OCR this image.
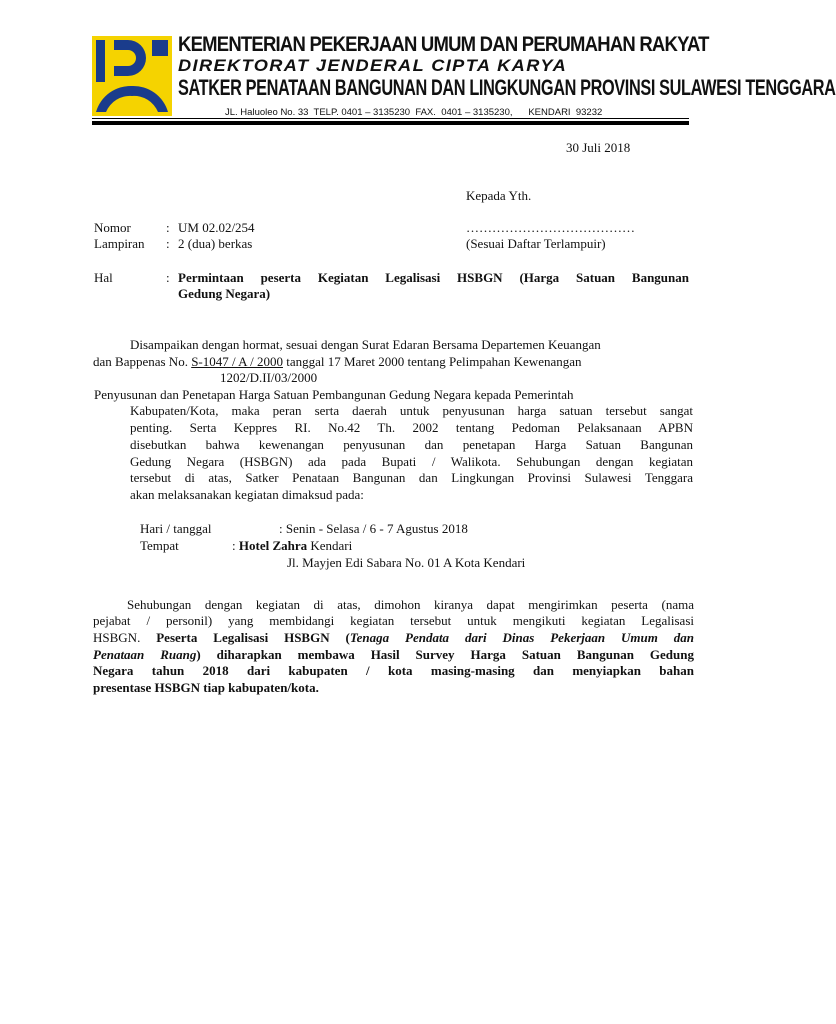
KEMENTERIAN PEKERJAAN UMUM DAN PERUMAHAN RAKYAT
DIREKTORAT JENDERAL CIPTA KARYA
SATKER PENATAAN BANGUNAN DAN LINGKUNGAN PROVINSI SULAWESI TENGGARA
JL. Haluoleo No. 33  TELP. 0401 – 3135230  FAX.  0401 – 3135230,      KENDARI  93232
30 Juli 2018
Kepada Yth.
Nomor	: UM 02.02/254	…………………………………
Lampiran : 2 (dua) berkas	(Sesuai Daftar Terlampuir)
Hal	: Permintaan peserta Kegiatan Legalisasi HSBGN (Harga Satuan Bangunan
Gedung Negara)
Disampaikan dengan hormat, sesuai dengan Surat Edaran Bersama Departemen Keuangan
dan Bappenas No. S-1047 / A / 2000 tanggal 17 Maret 2000 tentang Pelimpahan Kewenangan
1202/D.II/03/2000
Penyusunan dan Penetapan Harga Satuan Pembangunan Gedung Negara kepada Pemerintah
Kabupaten/Kota, maka peran serta daerah untuk penyusunan harga satuan tersebut sangat
penting. Serta Keppres RI. No.42 Th. 2002 tentang Pedoman Pelaksanaan APBN
disebutkan bahwa kewenangan penyusunan dan penetapan Harga Satuan Bangunan
Gedung Negara (HSBGN) ada pada Bupati / Walikota. Sehubungan dengan kegiatan
tersebut di atas, Satker Penataan Bangunan dan Lingkungan Provinsi Sulawesi Tenggara
akan melaksanakan kegiatan dimaksud pada:
Hari / tanggal	: Senin - Selasa / 6 - 7 Agustus 2018
Tempat	: Hotel Zahra Kendari
Jl. Mayjen Edi Sabara No. 01 A Kota Kendari
Sehubungan dengan kegiatan di atas, dimohon kiranya dapat mengirimkan peserta (nama
pejabat / personil) yang membidangi kegiatan tersebut untuk mengikuti kegiatan Legalisasi
HSBGN. Peserta Legalisasi HSBGN (Tenaga Pendata dari Dinas Pekerjaan Umum dan
Penataan Ruang) diharapkan membawa Hasil Survey Harga Satuan Bangunan Gedung
Negara tahun 2018 dari kabupaten / kota masing-masing dan menyiapkan bahan
presentase HSBGN tiap kabupaten/kota.
